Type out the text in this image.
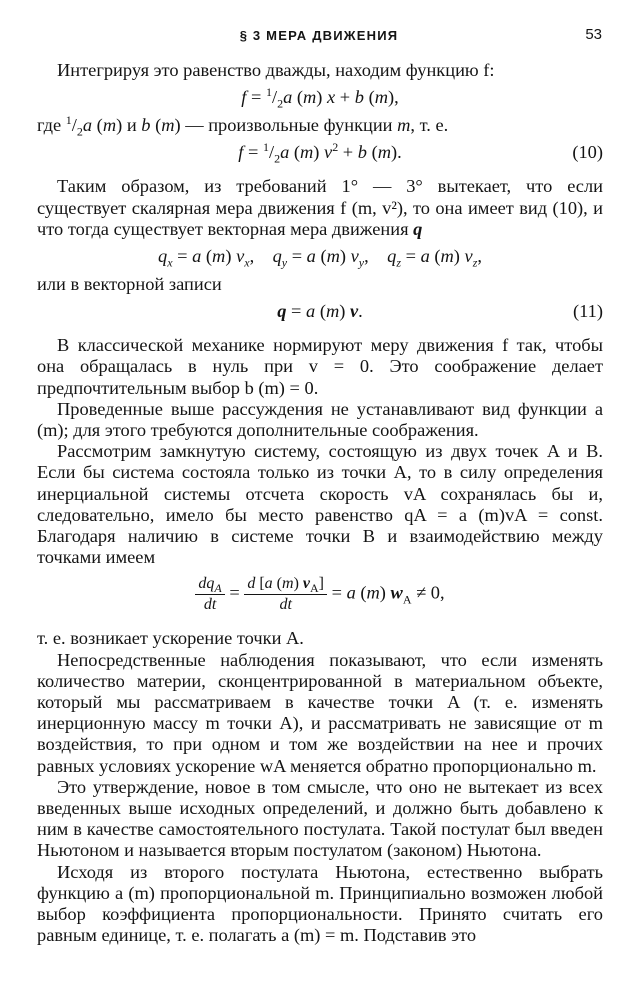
§ 3 МЕРА ДВИЖЕНИЯ	53

Интегрируя это равенство дважды, находим функцию f:

$f = ^1/_2a$ (m) x + b (m),

где $^1/_2a$ (m) и b (m) — произвольные функции m, т. е.

$f = ^1/_2a$ (m) $v^2 + b$ (m).	(10)

Таким образом, из требований 1° — 3° вытекает, что если существует скалярная мера движения f (m, v²), то она имеет вид (10), и что тогда существует векторная мера движения q

$q_x = a$ (m) $v_x$,    $q_y = a$ (m) $v_y$,    $q_z = a$ (m) $v_z$,

или в векторной записи

q = a (m) v.	(11)

В классической механике нормируют меру движения f так, чтобы она обращалась в нуль при v = 0. Это соображение делает предпочтительным выбор b (m) = 0.

Проведенные выше рассуждения не устанавливают вид функции a (m); для этого требуются дополнительные соображения.

Рассмотрим замкнутую систему, состоящую из двух точек A и B. Если бы система состояла только из точки A, то в силу определения инерциальной системы отсчета скорость vA сохранялась бы и, следовательно, имело бы место равенство qA = a (m)vA = const. Благодаря наличию в системе точки B и взаимодействию между точками имеем

$\frac{dq_A}{dt} = \frac{d [a (m) v_A]}{dt} = a$ (m) $w_A \ne 0$,

т. е. возникает ускорение точки A.

Непосредственные наблюдения показывают, что если изменять количество материи, сконцентрированной в материальном объекте, который мы рассматриваем в качестве точки A (т. е. изменять инерционную массу m точки A), и рассматривать не зависящие от m воздействия, то при одном и том же воздействии на нее и прочих равных условиях ускорение wA меняется обратно пропорционально m.

Это утверждение, новое в том смысле, что оно не вытекает из всех введенных выше исходных определений, и должно быть добавлено к ним в качестве самостоятельного постулата. Такой постулат был введен Ньютоном и называется вторым постулатом (законом) Ньютона.

Исходя из второго постулата Ньютона, естественно выбрать функцию a (m) пропорциональной m. Принципиально возможен любой выбор коэффициента пропорциональности. Принято считать его равным единице, т. е. полагать a (m) = m. Подставив это
